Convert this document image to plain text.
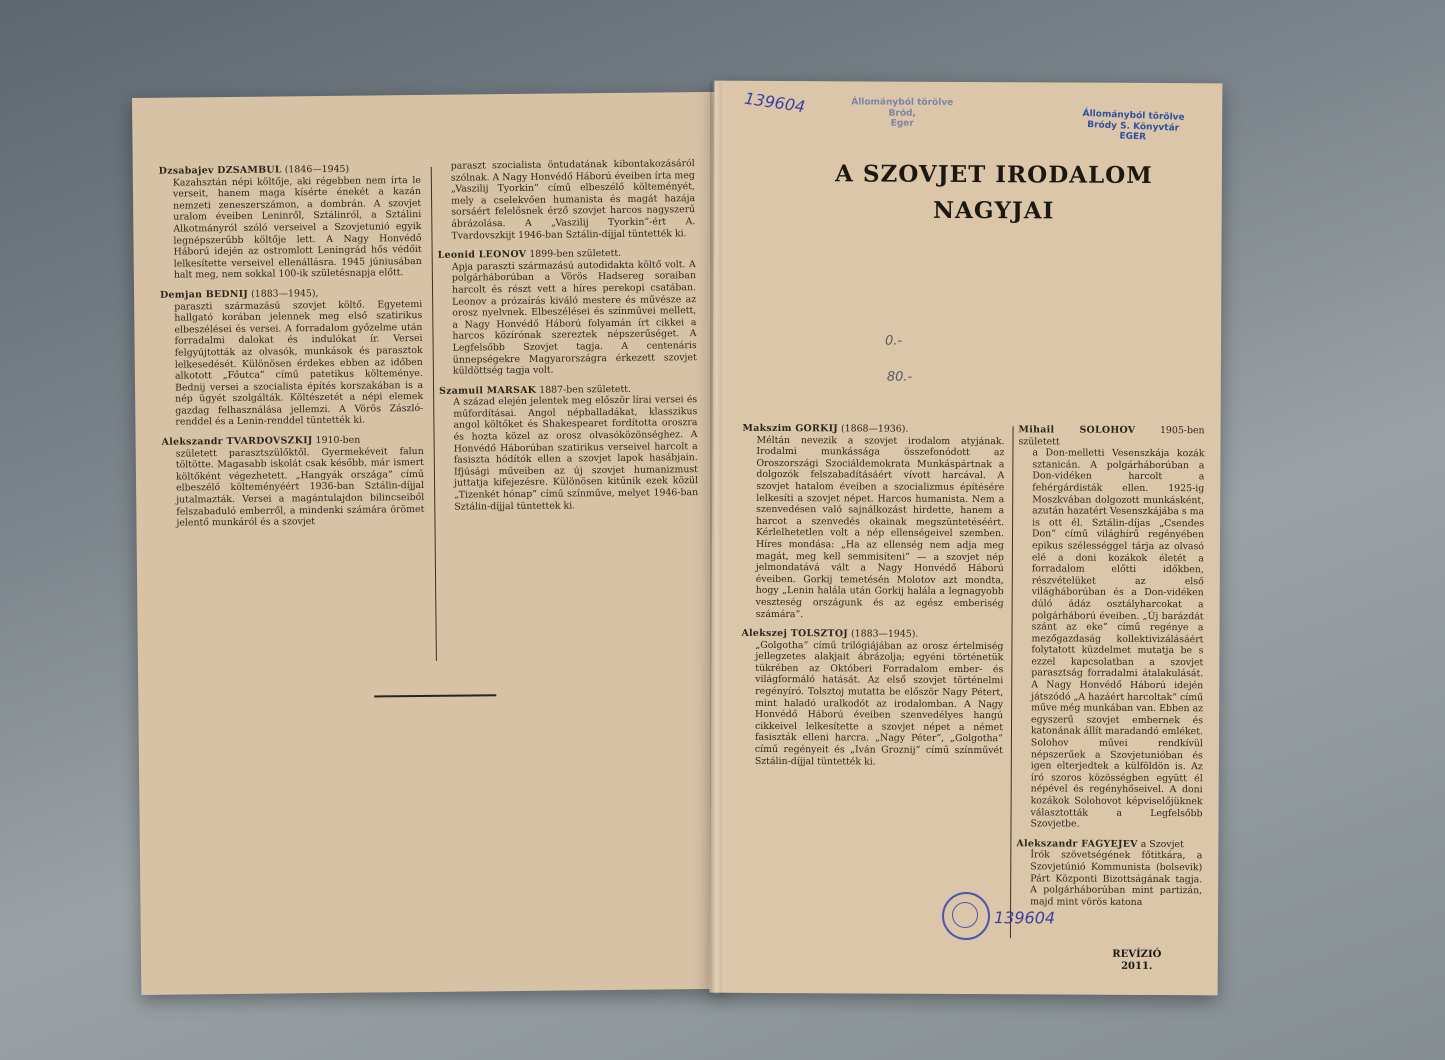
Dzsabajev DZSAMBUL (1846—1945)

Kazahsztán népi költője, aki régebben nem írta le verseit, hanem maga kísérte énekét a kazán nemzeti zeneszerszámon, a dombrán. A szovjet uralom éveiben Leninről, Sztálinról, a Sztálini Alkotmányról szóló verseivel a Szovjetunió egyik legnépszerűbb költője lett. A Nagy Honvédő Háború idején az ostromlott Leningrád hős védőit lelkesítette verseivel ellenállásra. 1945 júniusában halt meg, nem sokkal 100-ik születésnapja előtt.

Demjan BEDNIJ (1883—1945),

paraszti származású szovjet költő. Egyetemi hallgató korában jelennek meg első szatirikus elbeszélései és versei. A forradalom győzelme után forradalmi dalokat és indulókat ír. Versei felgyújtották az olvasók, munkások és parasztok lelkesedését. Különösen érdekes ebben az időben alkotott „Főutca” című patetikus költeménye. Bednij versei a szocialista építés korszakában is a nép ügyét szolgálták. Költészetét a népi elemek gazdag felhasználása jellemzi. A Vörös Zászló-renddel és a Lenin-renddel tüntették ki.

Alekszandr TVARDOVSZKIJ 1910-ben

született parasztszülőktől. Gyermekéveit falun töltötte. Magasabb iskolát csak később, már ismert költőként végezhetett. „Hangyák országa” című elbeszélő költeményéért 1936-ban Sztálin-díjjal jutalmazták. Versei a magántulajdon bilincseiből felszabaduló emberről, a mindenki számára örömet jelentő munkáról és a szovjet

paraszt szocialista öntudatának kibontakozásáról szólnak. A Nagy Honvédő Háború éveiben írta meg „Vaszilij Tyorkin” című elbeszélő költeményét, mely a cselekvően humanista és magát hazája sorsáért felelősnek érző szovjet harcos nagyszerű ábrázolása. A „Vaszilij Tyorkin”-ért A. Tvardovszkijt 1946-ban Sztálin-díjjal tüntették ki.

Leonid LEONOV 1899-ben született.

Apja paraszti származású autodidakta költő volt. A polgárháborúban a Vörös Hadsereg soraiban harcolt és részt vett a híres perekopi csatában. Leonov a prózaírás kiváló mestere és művésze az orosz nyelvnek. Elbeszélései és színművei mellett, a Nagy Honvédő Háború folyamán írt cikkei a harcos közírónak szereztek népszerűséget. A Legfelsőbb Szovjet tagja. A centenáris ünnepségekre Magyarországra érkezett szovjet küldöttség tagja volt.

Szamuil MARSAK 1887-ben született.

A század elején jelentek meg először lírai versei és műfordításai. Angol népballadákat, klasszikus angol költőket és Shakespearet fordította oroszra és hozta közel az orosz olvasóközönséghez. A Honvédő Háborúban szatirikus verseivel harcolt a fasiszta hódítók ellen a szovjet lapok hasábjain. Ifjúsági műveiben az új szovjet humanizmust juttatja kifejezésre. Különösen kitűnik ezek közül „Tizenkét hónap” című színműve, melyet 1946-ban Sztálin-díjjal tüntettek ki.

139604	Állományból törölve
Bród,
Eger
Állományból törölve
Bródy S. Könyvtár
EGER
A SZOVJET IRODALOM
NAGYJAI
0.-
80.-

Makszim GORKIJ (1868—1936).

Méltán nevezik a szovjet irodalom atyjának. Irodalmi munkássága összefonódott az Oroszországi Szociáldemokrata Munkáspártnak a dolgozók felszabadításáért vívott harcával. A szovjet hatalom éveiben a szocializmus építésére lelkesíti a szovjet népet. Harcos humanista. Nem a szenvedésen való sajnálkozást hirdette, hanem a harcot a szenvedés okainak megszüntetéséért. Kérlelhetetlen volt a nép ellenségeivel szemben. Híres mondása: „Ha az ellenség nem adja meg magát, meg kell semmisíteni” — a szovjet nép jelmondatává vált a Nagy Honvédő Háború éveiben. Gorkij temetésén Molotov azt mondta, hogy „Lenin halála után Gorkij halála a legnagyobb veszteség országunk és az egész emberiség számára”.

Alekszej TOLSZTOJ (1883—1945).

„Golgotha” című trilógiájában az orosz értelmiség jellegzetes alakjait ábrázolja; egyéni történetük tükrében az Októberi Forradalom ember- és világformáló hatását. Az első szovjet történelmi regényíró. Tolsztoj mutatta be először Nagy Pétert, mint haladó uralkodót az irodalomban. A Nagy Honvédő Háború éveiben szenvedélyes hangú cikkeivel lelkesítette a szovjet népet a német fasiszták elleni harcra. „Nagy Péter”, „Golgotha” című regényeit és „Iván Groznij” című színművét Sztálin-díjjal tüntették ki.

Mihail SOLOHOV	1905-ben született

a Don-melletti Vesenszkája kozák sztanicán. A polgárháborúban a Don-vidéken harcolt a fehérgárdisták ellen. 1925-ig Moszkvában dolgozott munkásként, azután hazatért Vesenszkájába s ma is ott él. Sztálin-díjas „Csendes Don” című világhírű regényében epikus szélességgel tárja az olvasó elé a doni kozákok életét a forradalom előtti időkben, részvételüket az első világháborúban és a Don-vidéken dúló ádáz osztályharcokat a polgárháború éveiben. „Új barázdát szánt az eke” című regénye a mezőgazdaság kollektivizálásáért folytatott küzdelmet mutatja be s ezzel kapcsolatban a szovjet parasztság forradalmi átalakulását. A Nagy Honvédő Háború idején játszódó „A hazáért harcoltak” című műve még munkában van. Ebben az egyszerű szovjet embernek és katonának állít maradandó emléket. Solohov művei rendkívül népszerűek a Szovjetunióban és igen elterjedtek a külföldön is. Az író szoros közösségben együtt él népével és regényhőseivel. A doni kozákok Solohovot képviselőjüknek választották a Legfelsőbb Szovjetbe.

Alekszandr FAGYEJEV a Szovjet

Írók szövetségének főtitkára, a Szovjetúnió Kommunista (bolsevik) Párt Központi Bizottságának tagja. A polgárháborúban mint partizán, majd mint vörös katona

139604
REVÍZIÓ
2011.
